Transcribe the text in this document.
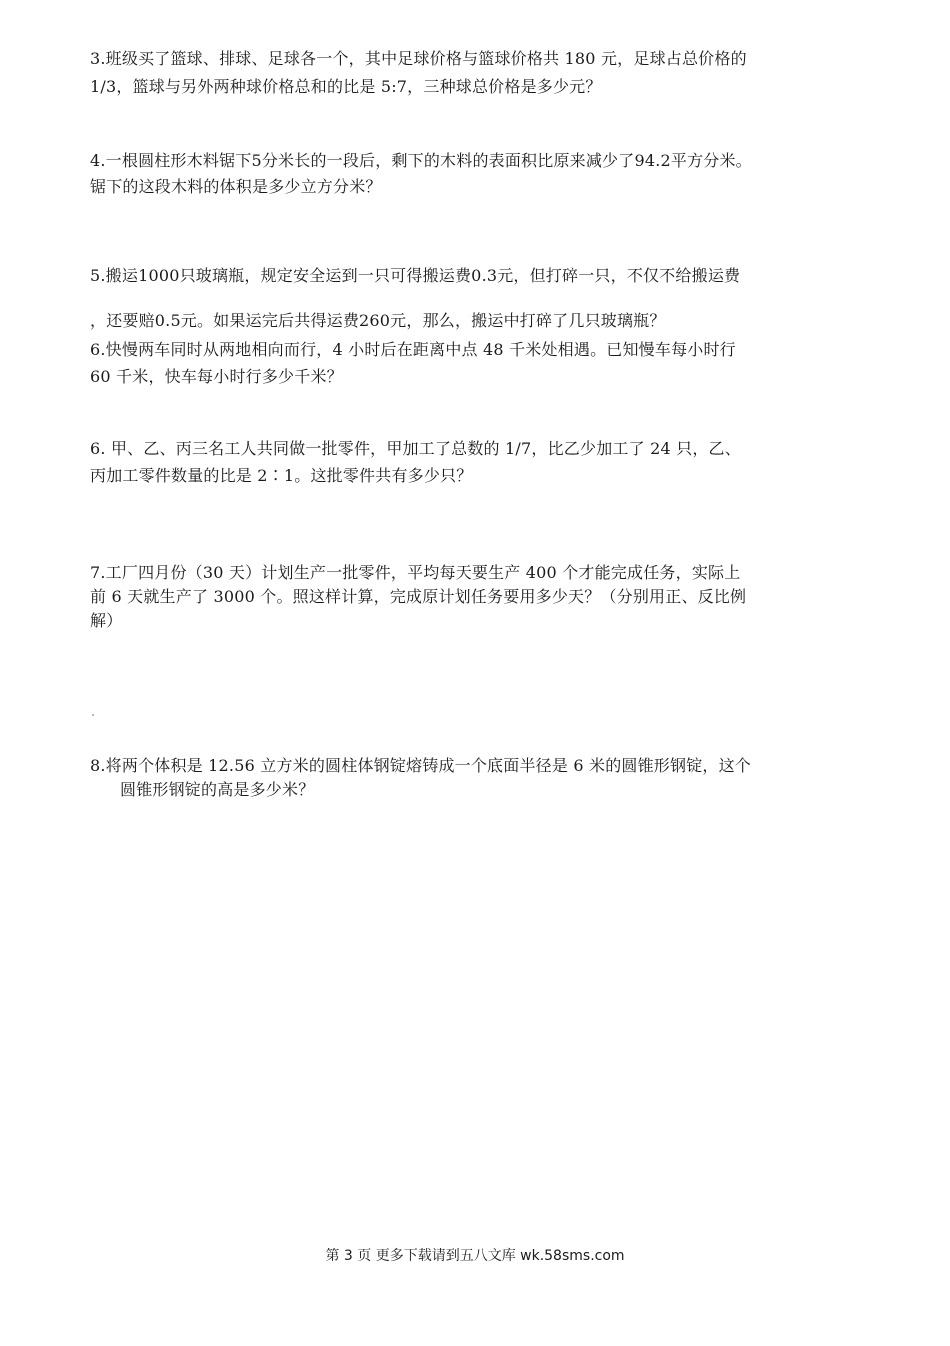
3.班级买了篮球、排球、足球各一个，其中足球价格与篮球价格共 180 元，足球占总价格的
1/3，篮球与另外两种球价格总和的比是 5:7，三种球总价格是多少元？
4.一根圆柱形木料锯下5分米长的一段后，剩下的木料的表面积比原来减少了94.2平方分米。
锯下的这段木料的体积是多少立方分米？
5.搬运1000只玻璃瓶，规定安全运到一只可得搬运费0.3元，但打碎一只，不仅不给搬运费
，还要赔0.5元。如果运完后共得运费260元，那么，搬运中打碎了几只玻璃瓶？
6.快慢两车同时从两地相向而行，4 小时后在距离中点 48 千米处相遇。已知慢车每小时行
60 千米，快车每小时行多少千米？
6. 甲、乙、丙三名工人共同做一批零件，甲加工了总数的 1/7，比乙少加工了 24 只，乙、
丙加工零件数量的比是 2∶1。这批零件共有多少只？
7.工厂四月份（30 天）计划生产一批零件，平均每天要生产 400 个才能完成任务，实际上
前 6 天就生产了 3000 个。照这样计算，完成原计划任务要用多少天？（分别用正、反比例
解）
8.将两个体积是 12.56 立方米的圆柱体钢锭熔铸成一个底面半径是 6 米的圆锥形钢锭，这个
圆锥形钢锭的高是多少米？
第 3 页 更多下载请到五八文库 wk.58sms.com
